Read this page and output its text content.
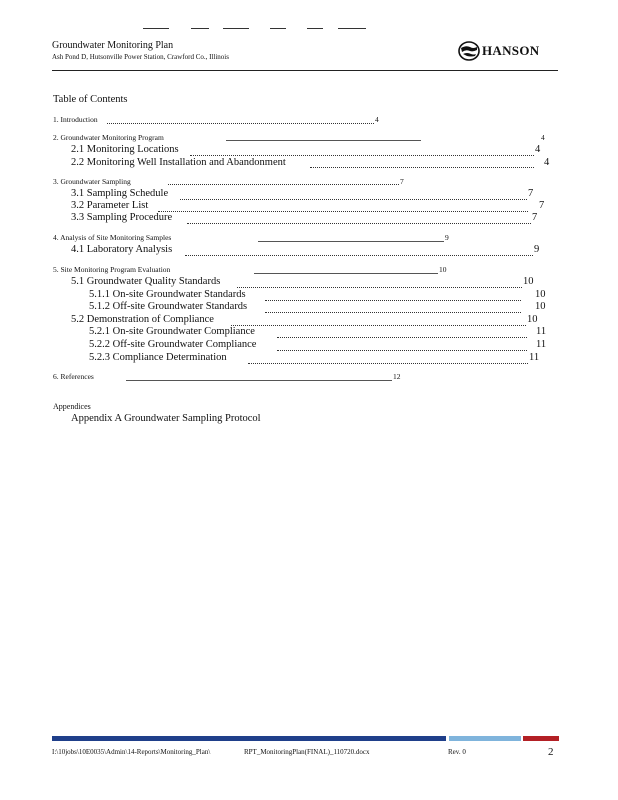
Groundwater Monitoring Plan
Ash Pond D, Hutsonville Power Station, Crawford Co., Illinois	HANSON
Table of Contents
1. Introduction	4
2. Groundwater Monitoring Program	4
2.1 Monitoring Locations	4
2.2 Monitoring Well Installation and Abandonment	4
3. Groundwater Sampling	7
3.1 Sampling Schedule	7
3.2 Parameter List	7
3.3 Sampling Procedure	7
4. Analysis of Site Monitoring Samples	9
4.1 Laboratory Analysis	9
5. Site Monitoring Program Evaluation	10
5.1 Groundwater Quality Standards	10
5.1.1 On-site Groundwater Standards	10
5.1.2 Off-site Groundwater Standards	10
5.2 Demonstration of Compliance	10
5.2.1 On-site Groundwater Compliance	11
5.2.2 Off-site Groundwater Compliance	11
5.2.3 Compliance Determination	11
6. References	12
Appendices
Appendix A Groundwater Sampling Protocol
I:\10jobs\10E0035\Admin\14-Reports\Monitoring_Plan\	RPT_MonitoringPlan(FINAL)_110720.docx	Rev. 0	2
